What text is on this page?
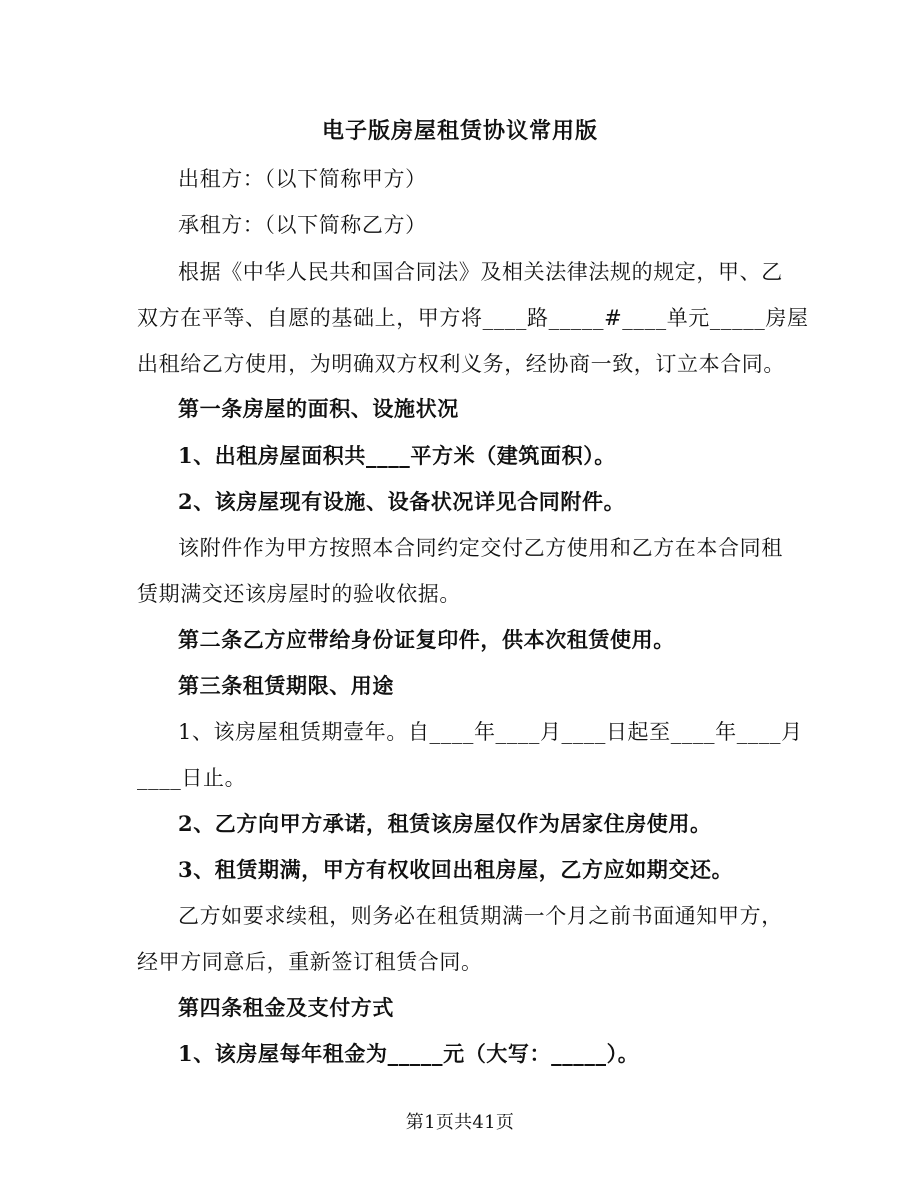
电子版房屋租赁协议常用版
出租方：（以下简称甲方）
承租方：（以下简称乙方）
根据《中华人民共和国合同法》及相关法律法规的规定，甲、乙
双方在平等、自愿的基础上，甲方将____路_____#____单元_____房屋
出租给乙方使用，为明确双方权利义务，经协商一致，订立本合同。
第一条房屋的面积、设施状况
1、出租房屋面积共____平方米（建筑面积）。
2、该房屋现有设施、设备状况详见合同附件。
该附件作为甲方按照本合同约定交付乙方使用和乙方在本合同租
赁期满交还该房屋时的验收依据。
第二条乙方应带给身份证复印件，供本次租赁使用。
第三条租赁期限、用途
1、该房屋租赁期壹年。自____年____月____日起至____年____月
____日止。
2、乙方向甲方承诺，租赁该房屋仅作为居家住房使用。
3、租赁期满，甲方有权收回出租房屋，乙方应如期交还。
乙方如要求续租，则务必在租赁期满一个月之前书面通知甲方，
经甲方同意后，重新签订租赁合同。
第四条租金及支付方式
1、该房屋每年租金为_____元（大写：_____）。
第1页共41页
